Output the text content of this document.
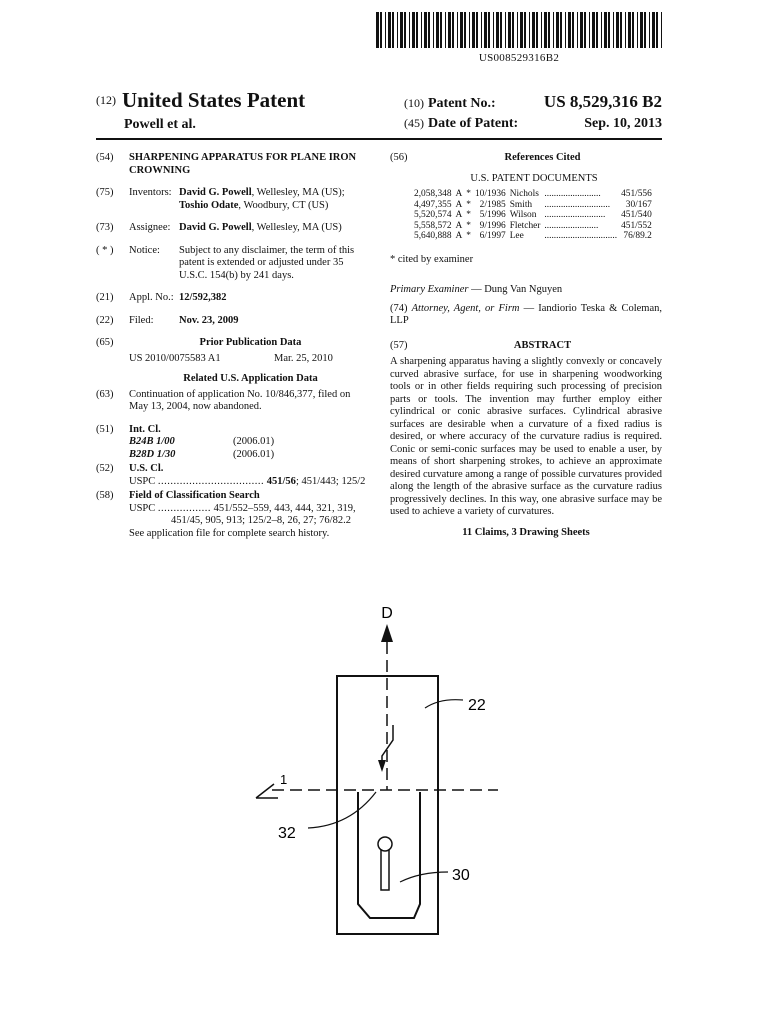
US008529316B2
(12) United States Patent
Powell et al.
(10) Patent No.:	US 8,529,316 B2
(45) Date of Patent:	Sep. 10, 2013
(54)	SHARPENING APPARATUS FOR PLANE IRON CROWNING
(75)	Inventors: David G. Powell, Wellesley, MA (US);
Toshio Odate, Woodbury, CT (US)
(73)	Assignee: David G. Powell, Wellesley, MA (US)
( * )	Notice:	Subject to any disclaimer, the term of this patent is extended or adjusted under 35 U.S.C. 154(b) by 241 days.
(21)	Appl. No.: 12/592,382
(22)	Filed:	Nov. 23, 2009
(65)	Prior Publication Data
US 2010/0075583 A1	Mar. 25, 2010
Related U.S. Application Data
(63)	Continuation of application No. 10/846,377, filed on May 13, 2004, now abandoned.
(51)	Int. Cl.
B24B 1/00	(2006.01)
B28D 1/30	(2006.01)
(52)	U.S. Cl.
USPC .................................. 451/56; 451/443; 125/2
(58)	Field of Classification Search
USPC ................. 451/552–559, 443, 444, 321, 319,
451/45, 905, 913; 125/2–8, 26, 27; 76/82.2
See application file for complete search history.
(56)	References Cited
U.S. PATENT DOCUMENTS
2,058,348	A	*	10/1936	Nichols	........................	451/556
4,497,355	A	*	2/1985	Smith	............................	30/167
5,520,574	A	*	5/1996	Wilson	..........................	451/540
5,558,572	A	*	9/1996	Fletcher	.......................	451/552
5,640,888	A	*	6/1997	Lee	...............................	76/89.2
* cited by examiner
Primary Examiner — Dung Van Nguyen
(74) Attorney, Agent, or Firm — Iandiorio Teska & Coleman, LLP
(57)	ABSTRACT
A sharpening apparatus having a slightly convexly or concavely curved abrasive surface, for use in sharpening woodworking tools or in other fields requiring such processing of precision parts or tools. The invention may further employ either cylindrical or conic abrasive surfaces. Cylindrical abrasive surfaces are desirable when a curvature of a fixed radius is desired, or where accuracy of the curvature radius is required. Conic or semi-conic surfaces may be used to enable a user, by means of short sharpening strokes, to achieve an approximate desired curvature among a range of possible curvatures provided along the length of the abrasive surface as the curvature radius progressively declines. In this way, one abrasive surface may be used to achieve a variety of curvatures.
11 Claims, 3 Drawing Sheets
D
1
22
32
30
